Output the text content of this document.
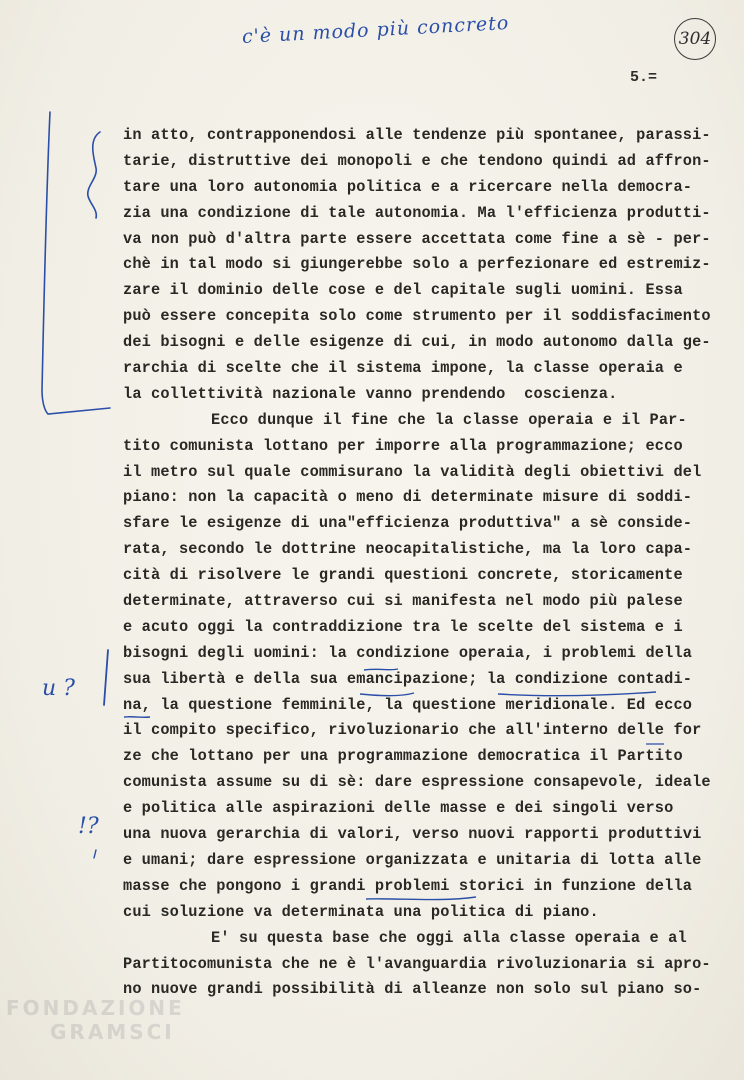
c'è un modo più concreto	304
5.=
in atto, contrapponendosi alle tendenze più spontanee, parassi-
tarie, distruttive dei monopoli e che tendono quindi ad affron-
tare una loro autonomia politica e a ricercare nella democra-
zia una condizione di tale autonomia. Ma l'efficienza produtti-
va non può d'altra parte essere accettata come fine a sè - per-
chè in tal modo si giungerebbe solo a perfezionare ed estremiz-
zare il dominio delle cose e del capitale sugli uomini. Essa
può essere concepita solo come strumento per il soddisfacimento
dei bisogni e delle esigenze di cui, in modo autonomo dalla ge-
rarchia di scelte che il sistema impone, la classe operaia e
la collettività nazionale vanno prendendo  coscienza.
Ecco dunque il fine che la classe operaia e il Par-
tito comunista lottano per imporre alla programmazione; ecco
il metro sul quale commisurano la validità degli obiettivi del
piano: non la capacità o meno di determinate misure di soddi-
sfare le esigenze di una"efficienza produttiva" a sè conside-
rata, secondo le dottrine neocapitalistiche, ma la loro capa-
cità di risolvere le grandi questioni concrete, storicamente
determinate, attraverso cui si manifesta nel modo più palese
e acuto oggi la contraddizione tra le scelte del sistema e i
bisogni degli uomini: la condizione operaia, i problemi della
sua libertà e della sua emancipazione; la condizione contadi-
na, la questione femminile, la questione meridionale. Ed ecco
il compito specifico, rivoluzionario che all'interno delle for
ze che lottano per una programmazione democratica il Partito
comunista assume su di sè: dare espressione consapevole, ideale
e politica alle aspirazioni delle masse e dei singoli verso
una nuova gerarchia di valori, verso nuovi rapporti produttivi
e umani; dare espressione organizzata e unitaria di lotta alle
masse che pongono i grandi problemi storici in funzione della
cui soluzione va determinata una politica di piano.
E' su questa base che oggi alla classe operaia e al
Partitocomunista che ne è l'avanguardia rivoluzionaria si apro-
no nuove grandi possibilità di alleanze non solo sul piano so-
u ?
!?
FONDAZIONE
GRAMSCI
